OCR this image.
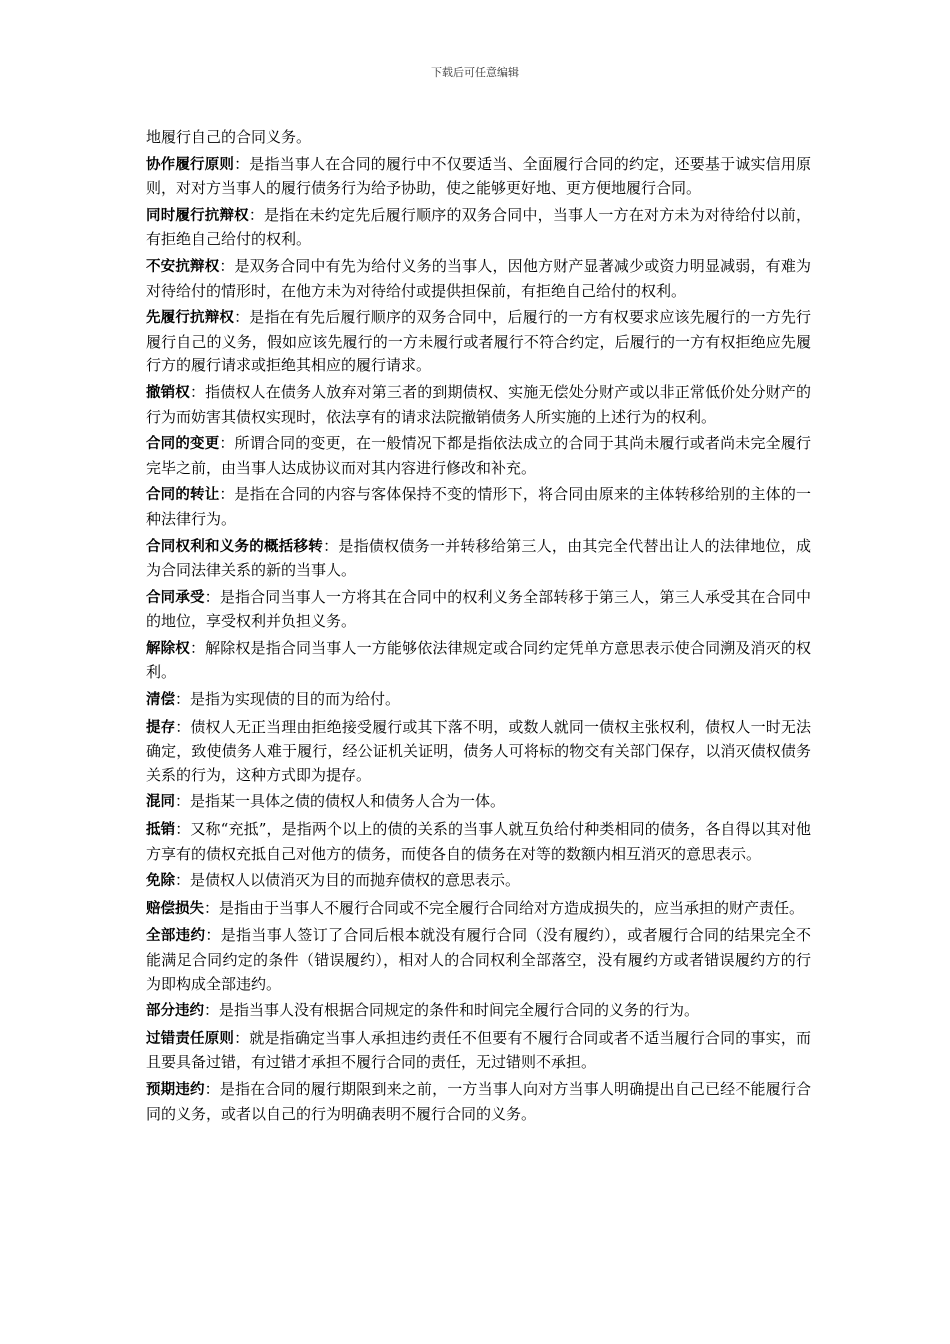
下载后可任意编辑

地履行自己的合同义务。

协作履行原则：是指当事人在合同的履行中不仅要适当、全面履行合同的约定，还要基于诚实信用原则，对对方当事人的履行债务行为给予协助，使之能够更好地、更方便地履行合同。

同时履行抗辩权：是指在未约定先后履行顺序的双务合同中，当事人一方在对方未为对待给付以前，有拒绝自己给付的权利。

不安抗辩权：是双务合同中有先为给付义务的当事人，因他方财产显著减少或资力明显减弱，有难为对待给付的情形时，在他方未为对待给付或提供担保前，有拒绝自己给付的权利。

先履行抗辩权：是指在有先后履行顺序的双务合同中，后履行的一方有权要求应该先履行的一方先行履行自己的义务，假如应该先履行的一方未履行或者履行不符合约定，后履行的一方有权拒绝应先履行方的履行请求或拒绝其相应的履行请求。

撤销权：指债权人在债务人放弃对第三者的到期债权、实施无偿处分财产或以非正常低价处分财产的行为而妨害其债权实现时，依法享有的请求法院撤销债务人所实施的上述行为的权利。

合同的变更：所谓合同的变更，在一般情况下都是指依法成立的合同于其尚未履行或者尚未完全履行完毕之前，由当事人达成协议而对其内容进行修改和补充。

合同的转让：是指在合同的内容与客体保持不变的情形下，将合同由原来的主体转移给别的主体的一种法律行为。

合同权利和义务的概括移转：是指债权债务一并转移给第三人，由其完全代替出让人的法律地位，成为合同法律关系的新的当事人。

合同承受：是指合同当事人一方将其在合同中的权利义务全部转移于第三人，第三人承受其在合同中的地位，享受权利并负担义务。

解除权：解除权是指合同当事人一方能够依法律规定或合同约定凭单方意思表示使合同溯及消灭的权利。

清偿：是指为实现债的目的而为给付。

提存：债权人无正当理由拒绝接受履行或其下落不明，或数人就同一债权主张权利，债权人一时无法确定，致使债务人难于履行，经公证机关证明，债务人可将标的物交有关部门保存，以消灭债权债务关系的行为，这种方式即为提存。

混同：是指某一具体之债的债权人和债务人合为一体。

抵销：又称“充抵”，是指两个以上的债的关系的当事人就互负给付种类相同的债务，各自得以其对他方享有的债权充抵自己对他方的债务，而使各自的债务在对等的数额内相互消灭的意思表示。

免除：是债权人以债消灭为目的而抛弃债权的意思表示。

赔偿损失：是指由于当事人不履行合同或不完全履行合同给对方造成损失的，应当承担的财产责任。

全部违约：是指当事人签订了合同后根本就没有履行合同（没有履约），或者履行合同的结果完全不能满足合同约定的条件（错误履约），相对人的合同权利全部落空，没有履约方或者错误履约方的行为即构成全部违约。

部分违约：是指当事人没有根据合同规定的条件和时间完全履行合同的义务的行为。

过错责任原则：就是指确定当事人承担违约责任不但要有不履行合同或者不适当履行合同的事实，而且要具备过错，有过错才承担不履行合同的责任，无过错则不承担。

预期违约：是指在合同的履行期限到来之前，一方当事人向对方当事人明确提出自己已经不能履行合同的义务，或者以自己的行为明确表明不履行合同的义务。
